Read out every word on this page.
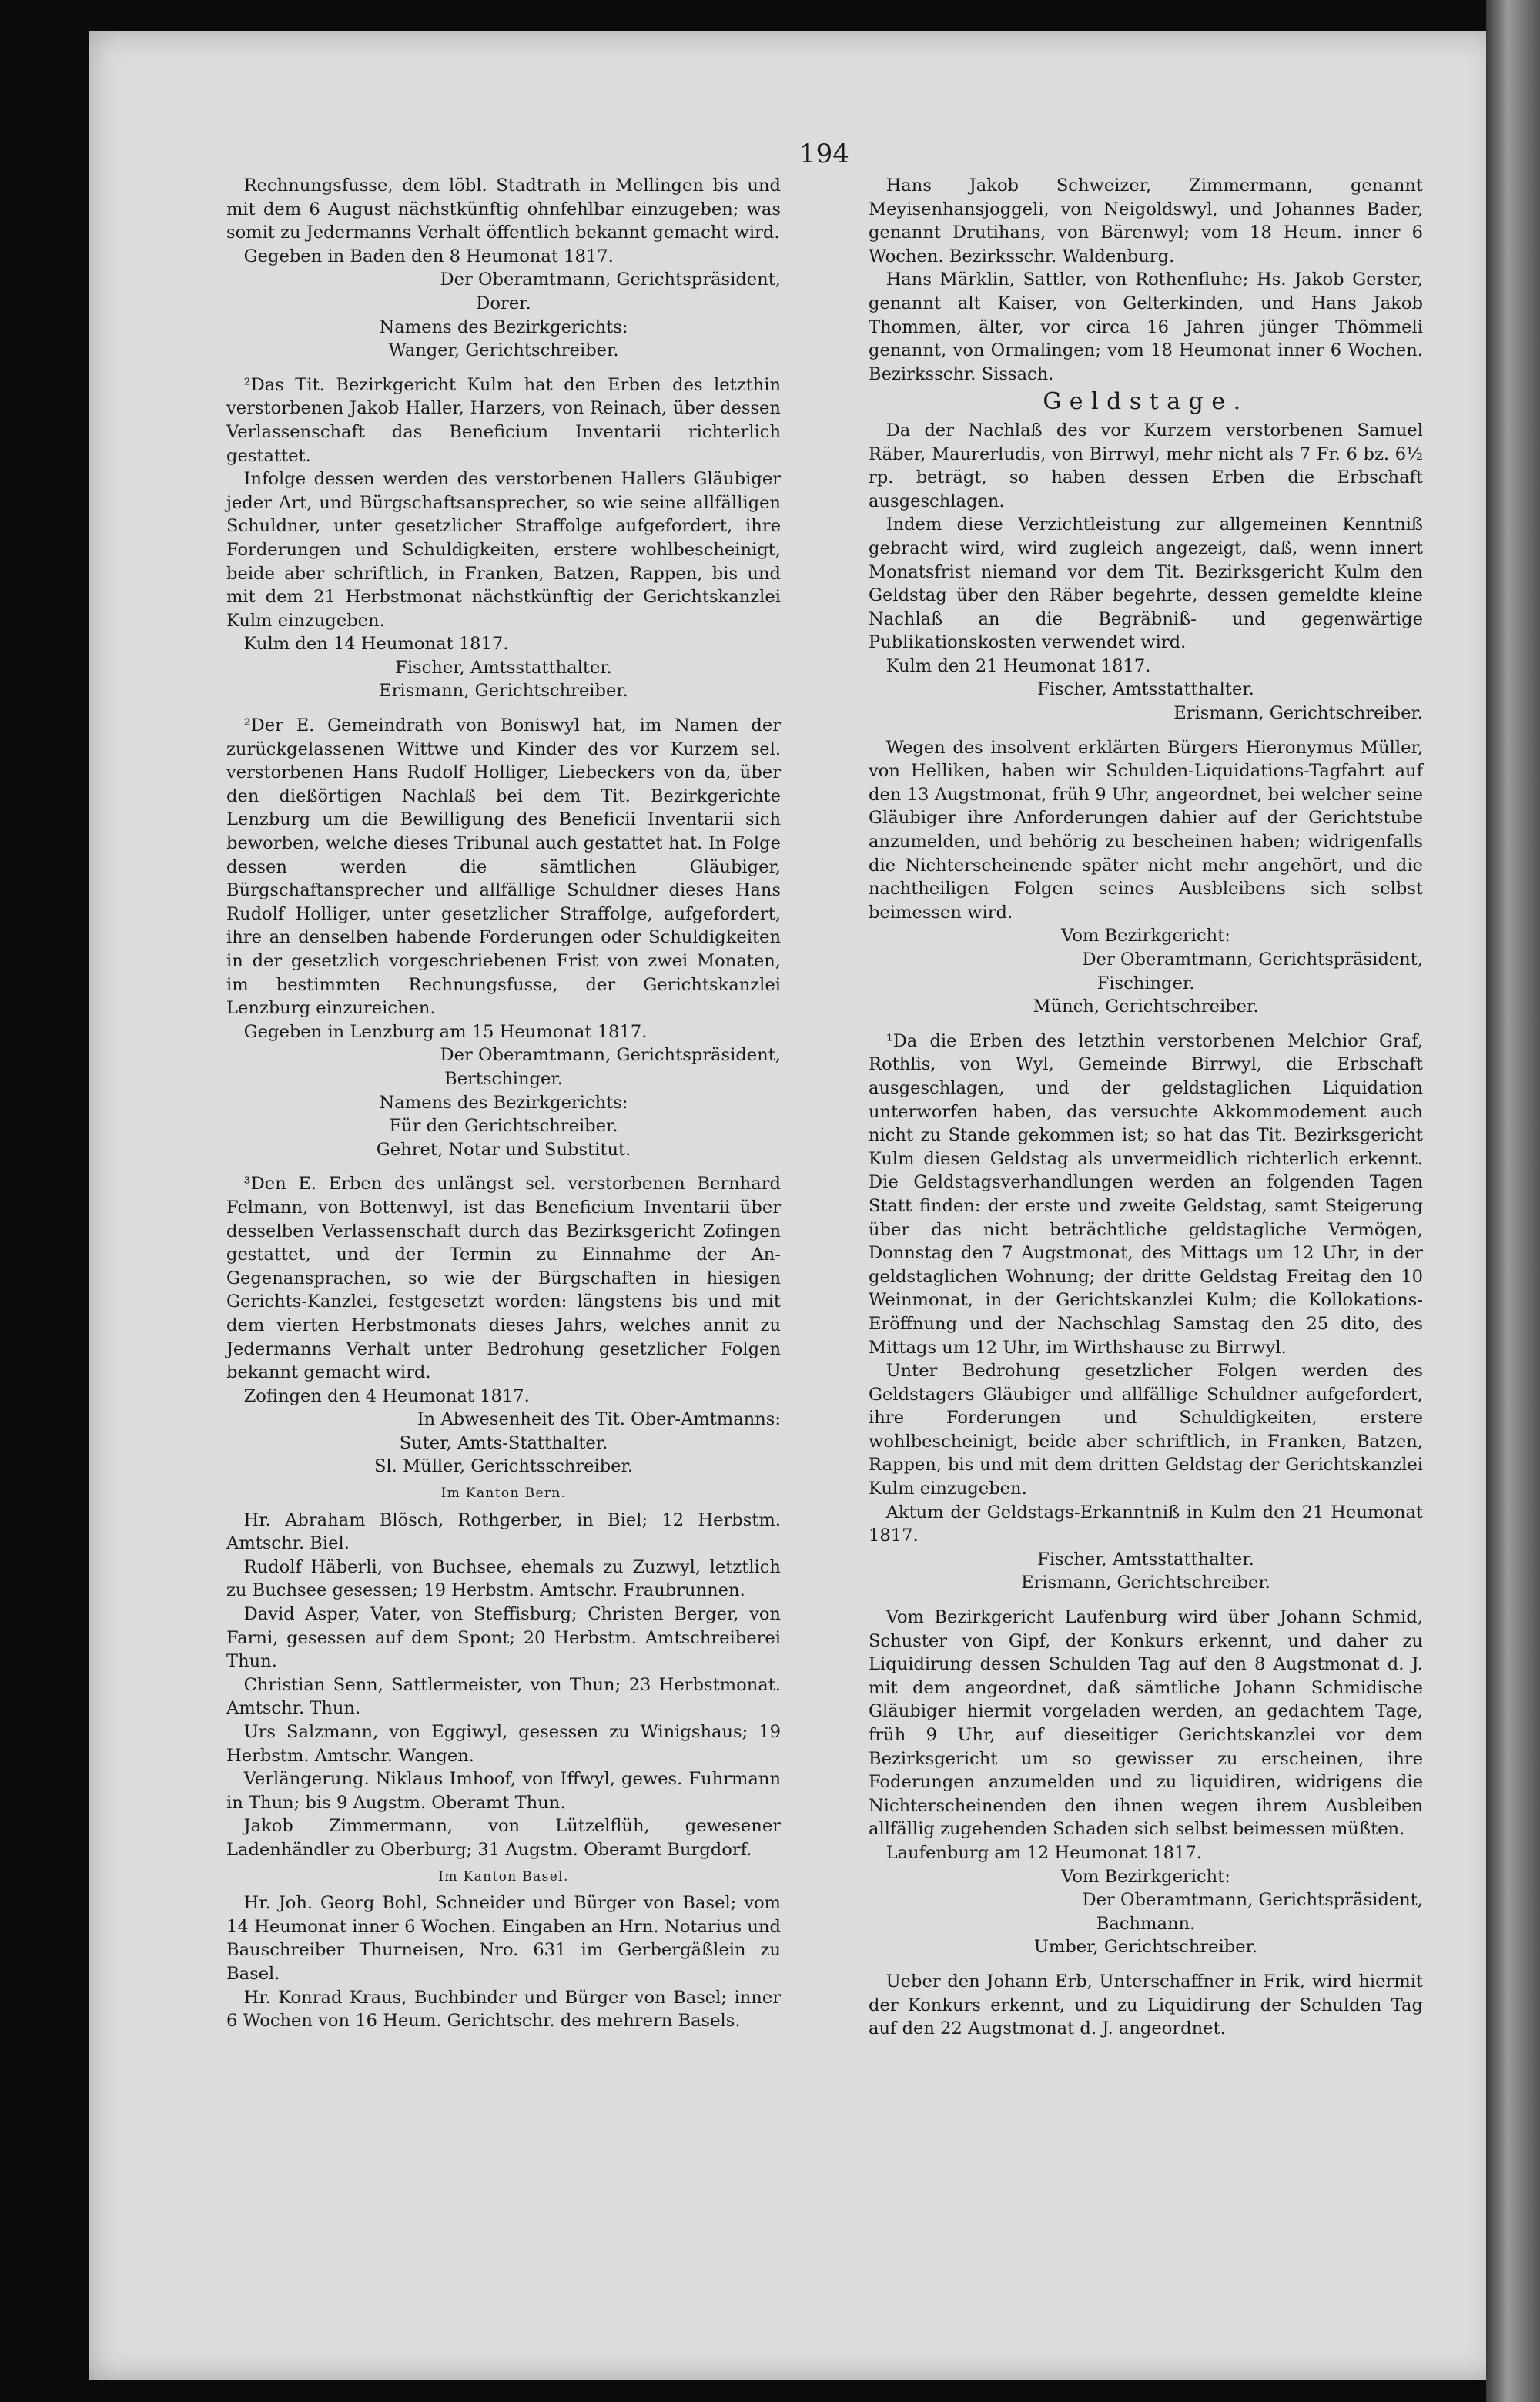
194

Rechnungsfusse, dem löbl. Stadtrath in Mellingen bis und mit dem 6 August nächstkünftig ohnfehlbar einzugeben; was somit zu Jedermanns Verhalt öffentlich bekannt gemacht wird.

Gegeben in Baden den 8 Heumonat 1817.

Der Oberamtmann, Gerichtspräsident,

Dorer.

Namens des Bezirkgerichts:

Wanger, Gerichtschreiber.

²Das Tit. Bezirkgericht Kulm hat den Erben des letzthin verstorbenen Jakob Haller, Harzers, von Reinach, über dessen Verlassenschaft das Beneficium Inventarii richterlich gestattet.

Infolge dessen werden des verstorbenen Hallers Gläubiger jeder Art, und Bürgschaftsansprecher, so wie seine allfälligen Schuldner, unter gesetzlicher Straffolge aufgefordert, ihre Forderungen und Schuldigkeiten, erstere wohlbescheinigt, beide aber schriftlich, in Franken, Batzen, Rappen, bis und mit dem 21 Herbstmonat nächstkünftig der Gerichtskanzlei Kulm einzugeben.

Kulm den 14 Heumonat 1817.

Fischer, Amtsstatthalter.

Erismann, Gerichtschreiber.

²Der E. Gemeindrath von Boniswyl hat, im Namen der zurückgelassenen Wittwe und Kinder des vor Kurzem sel. verstorbenen Hans Rudolf Holliger, Liebeckers von da, über den dießörtigen Nachlaß bei dem Tit. Bezirkgerichte Lenzburg um die Bewilligung des Beneficii Inventarii sich beworben, welche dieses Tribunal auch gestattet hat. In Folge dessen werden die sämtlichen Gläubiger, Bürgschaftansprecher und allfällige Schuldner dieses Hans Rudolf Holliger, unter gesetzlicher Straffolge, aufgefordert, ihre an denselben habende Forderungen oder Schuldigkeiten in der gesetzlich vorgeschriebenen Frist von zwei Monaten, im bestimmten Rechnungsfusse, der Gerichtskanzlei Lenzburg einzureichen.

Gegeben in Lenzburg am 15 Heumonat 1817.

Der Oberamtmann, Gerichtspräsident,

Bertschinger.

Namens des Bezirkgerichts:

Für den Gerichtschreiber.

Gehret, Notar und Substitut.

³Den E. Erben des unlängst sel. verstorbenen Bernhard Felmann, von Bottenwyl, ist das Beneficium Inventarii über desselben Verlassenschaft durch das Bezirksgericht Zofingen gestattet, und der Termin zu Einnahme der An- Gegenansprachen, so wie der Bürgschaften in hiesigen Gerichts-Kanzlei, festgesetzt worden: längstens bis und mit dem vierten Herbstmonats dieses Jahrs, welches annit zu Jedermanns Verhalt unter Bedrohung gesetzlicher Folgen bekannt gemacht wird.

Zofingen den 4 Heumonat 1817.

In Abwesenheit des Tit. Ober-Amtmanns:

Suter, Amts-Statthalter.

Sl. Müller, Gerichtsschreiber.

Im Kanton Bern.

Hr. Abraham Blösch, Rothgerber, in Biel; 12 Herbstm. Amtschr. Biel.

Rudolf Häberli, von Buchsee, ehemals zu Zuzwyl, letztlich zu Buchsee gesessen; 19 Herbstm. Amtschr. Fraubrunnen.

David Asper, Vater, von Steffisburg; Christen Berger, von Farni, gesessen auf dem Spont; 20 Herbstm. Amtschreiberei Thun.

Christian Senn, Sattlermeister, von Thun; 23 Herbstmonat. Amtschr. Thun.

Urs Salzmann, von Eggiwyl, gesessen zu Winigshaus; 19 Herbstm. Amtschr. Wangen.

Verlängerung. Niklaus Imhoof, von Iffwyl, gewes. Fuhrmann in Thun; bis 9 Augstm. Oberamt Thun.

Jakob Zimmermann, von Lützelflüh, gewesener Ladenhändler zu Oberburg; 31 Augstm. Oberamt Burgdorf.

Im Kanton Basel.

Hr. Joh. Georg Bohl, Schneider und Bürger von Basel; vom 14 Heumonat inner 6 Wochen. Eingaben an Hrn. Notarius und Bauschreiber Thurneisen, Nro. 631 im Gerbergäßlein zu Basel.

Hr. Konrad Kraus, Buchbinder und Bürger von Basel; inner 6 Wochen von 16 Heum. Gerichtschr. des mehrern Basels.

Hans Jakob Schweizer, Zimmermann, genannt Meyisenhansjoggeli, von Neigoldswyl, und Johannes Bader, genannt Drutihans, von Bärenwyl; vom 18 Heum. inner 6 Wochen. Bezirksschr. Waldenburg.

Hans Märklin, Sattler, von Rothenfluhe; Hs. Jakob Gerster, genannt alt Kaiser, von Gelterkinden, und Hans Jakob Thommen, älter, vor circa 16 Jahren jünger Thömmeli genannt, von Ormalingen; vom 18 Heumonat inner 6 Wochen. Bezirksschr. Sissach.

Geldstage.

Da der Nachlaß des vor Kurzem verstorbenen Samuel Räber, Maurerludis, von Birrwyl, mehr nicht als 7 Fr. 6 bz. 6½ rp. beträgt, so haben dessen Erben die Erbschaft ausgeschlagen.

Indem diese Verzichtleistung zur allgemeinen Kenntniß gebracht wird, wird zugleich angezeigt, daß, wenn innert Monatsfrist niemand vor dem Tit. Bezirksgericht Kulm den Geldstag über den Räber begehrte, dessen gemeldte kleine Nachlaß an die Begräbniß- und gegenwärtige Publikationskosten verwendet wird.

Kulm den 21 Heumonat 1817.

Fischer, Amtsstatthalter.

Erismann, Gerichtschreiber.

Wegen des insolvent erklärten Bürgers Hieronymus Müller, von Helliken, haben wir Schulden-Liquidations-Tagfahrt auf den 13 Augstmonat, früh 9 Uhr, angeordnet, bei welcher seine Gläubiger ihre Anforderungen dahier auf der Gerichtstube anzumelden, und behörig zu bescheinen haben; widrigenfalls die Nichterscheinende später nicht mehr angehört, und die nachtheiligen Folgen seines Ausbleibens sich selbst beimessen wird.

Vom Bezirkgericht:

Der Oberamtmann, Gerichtspräsident,

Fischinger.

Münch, Gerichtschreiber.

¹Da die Erben des letzthin verstorbenen Melchior Graf, Rothlis, von Wyl, Gemeinde Birrwyl, die Erbschaft ausgeschlagen, und der geldstaglichen Liquidation unterworfen haben, das versuchte Akkommodement auch nicht zu Stande gekommen ist; so hat das Tit. Bezirksgericht Kulm diesen Geldstag als unvermeidlich richterlich erkennt. Die Geldstagsverhandlungen werden an folgenden Tagen Statt finden: der erste und zweite Geldstag, samt Steigerung über das nicht beträchtliche geldstagliche Vermögen, Donnstag den 7 Augstmonat, des Mittags um 12 Uhr, in der geldstaglichen Wohnung; der dritte Geldstag Freitag den 10 Weinmonat, in der Gerichtskanzlei Kulm; die Kollokations-Eröffnung und der Nachschlag Samstag den 25 dito, des Mittags um 12 Uhr, im Wirthshause zu Birrwyl.

Unter Bedrohung gesetzlicher Folgen werden des Geldstagers Gläubiger und allfällige Schuldner aufgefordert, ihre Forderungen und Schuldigkeiten, erstere wohlbescheinigt, beide aber schriftlich, in Franken, Batzen, Rappen, bis und mit dem dritten Geldstag der Gerichtskanzlei Kulm einzugeben.

Aktum der Geldstags-Erkanntniß in Kulm den 21 Heumonat 1817.

Fischer, Amtsstatthalter.

Erismann, Gerichtschreiber.

Vom Bezirkgericht Laufenburg wird über Johann Schmid, Schuster von Gipf, der Konkurs erkennt, und daher zu Liquidirung dessen Schulden Tag auf den 8 Augstmonat d. J. mit dem angeordnet, daß sämtliche Johann Schmidische Gläubiger hiermit vorgeladen werden, an gedachtem Tage, früh 9 Uhr, auf dieseitiger Gerichtskanzlei vor dem Bezirksgericht um so gewisser zu erscheinen, ihre Foderungen anzumelden und zu liquidiren, widrigens die Nichterscheinenden den ihnen wegen ihrem Ausbleiben allfällig zugehenden Schaden sich selbst beimessen müßten.

Laufenburg am 12 Heumonat 1817.

Vom Bezirkgericht:

Der Oberamtmann, Gerichtspräsident,

Bachmann.

Umber, Gerichtschreiber.

Ueber den Johann Erb, Unterschaffner in Frik, wird hiermit der Konkurs erkennt, und zu Liquidirung der Schulden Tag auf den 22 Augstmonat d. J. angeordnet.
